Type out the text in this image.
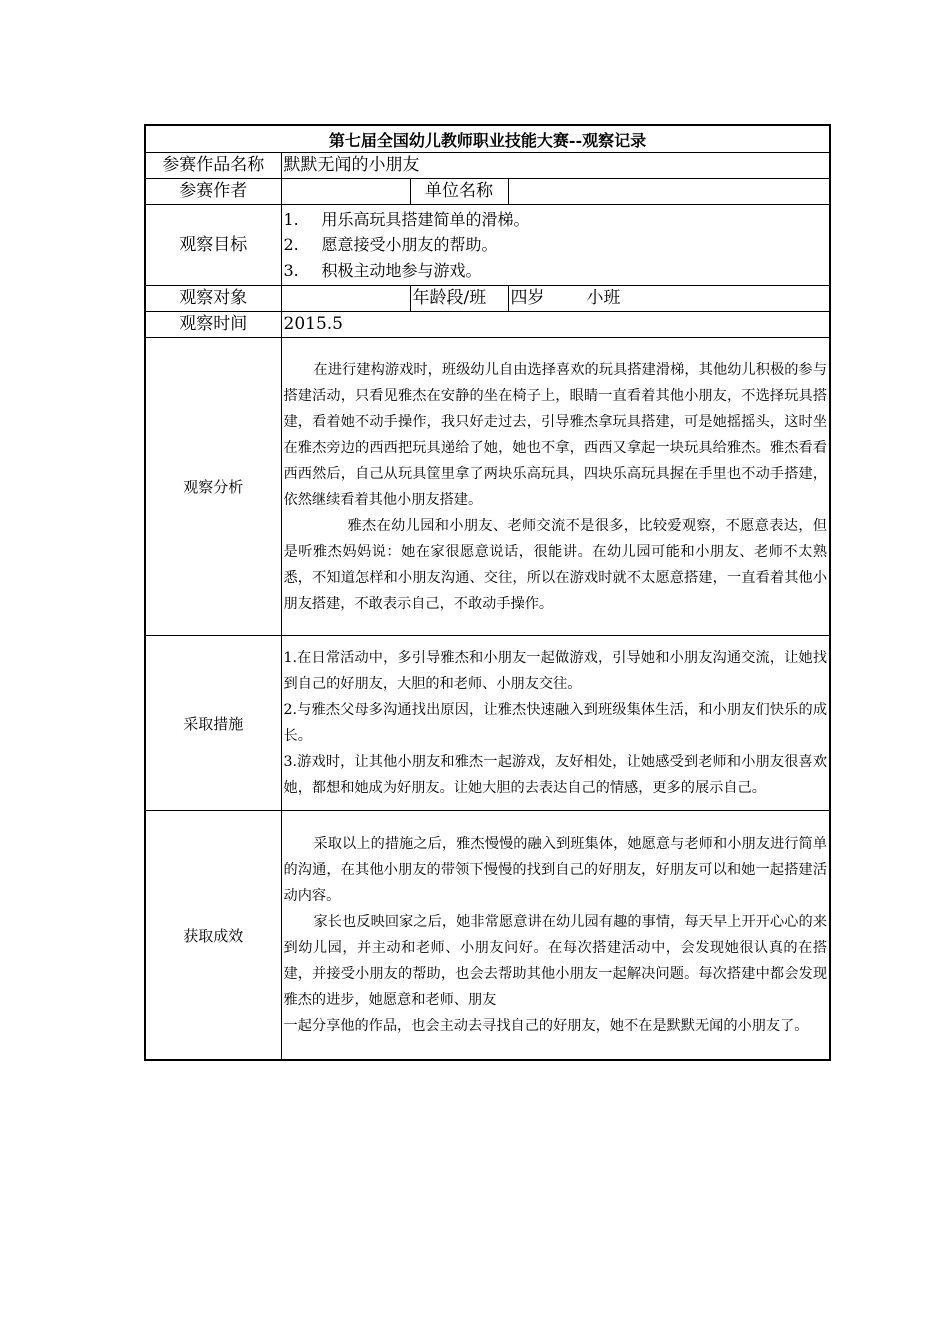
第七届全国幼儿教师职业技能大赛--观察记录			
参赛作品名称	默默无闻的小朋友		
参赛作者		单位名称	
观察目标	1. 用乐高玩具搭建简单的滑梯。
2. 愿意接受小朋友的帮助。
3. 积极主动地参与游戏。		

观察对象		年龄段/班	四岁 小班
观察时间	2015.5		
观察分析	在进行建构游戏时，班级幼儿自由选择喜欢的玩具搭建滑梯，其他幼儿积极的参与搭建活动，只看见雅杰在安静的坐在椅子上，眼睛一直看着其他小朋友，不选择玩具搭建，看着她不动手操作，我只好走过去，引导雅杰拿玩具搭建，可是她摇摇头，这时坐在雅杰旁边的西西把玩具递给了她，她也不拿，西西又拿起一块玩具给雅杰。雅杰看看西西然后，自己从玩具筐里拿了两块乐高玩具，四块乐高玩具握在手里也不动手搭建，依然继续看着其他小朋友搭建。

雅杰在幼儿园和小朋友、老师交流不是很多，比较爱观察，不愿意表达，但是听雅杰妈妈说：她在家很愿意说话，很能讲。在幼儿园可能和小朋友、老师不太熟悉，不知道怎样和小朋友沟通、交往，所以在游戏时就不太愿意搭建，一直看着其他小朋友搭建，不敢表示自己，不敢动手操作。		

采取措施	1.在日常活动中，多引导雅杰和小朋友一起做游戏，引导她和小朋友沟通交流，让她找到自己的好朋友，大胆的和老师、小朋友交往。

2.与雅杰父母多沟通找出原因，让雅杰快速融入到班级集体生活，和小朋友们快乐的成长。

3.游戏时，让其他小朋友和雅杰一起游戏，友好相处，让她感受到老师和小朋友很喜欢她，都想和她成为好朋友。让她大胆的去表达自己的情感，更多的展示自己。		

获取成效	采取以上的措施之后，雅杰慢慢的融入到班集体，她愿意与老师和小朋友进行简单的沟通，在其他小朋友的带领下慢慢的找到自己的好朋友，好朋友可以和她一起搭建活动内容。

家长也反映回家之后，她非常愿意讲在幼儿园有趣的事情，每天早上开开心心的来到幼儿园，并主动和老师、小朋友问好。在每次搭建活动中，会发现她很认真的在搭建，并接受小朋友的帮助，也会去帮助其他小朋友一起解决问题。每次搭建中都会发现雅杰的进步，她愿意和老师、朋友

一起分享他的作品，也会主动去寻找自己的好朋友，她不在是默默无闻的小朋友了。		
